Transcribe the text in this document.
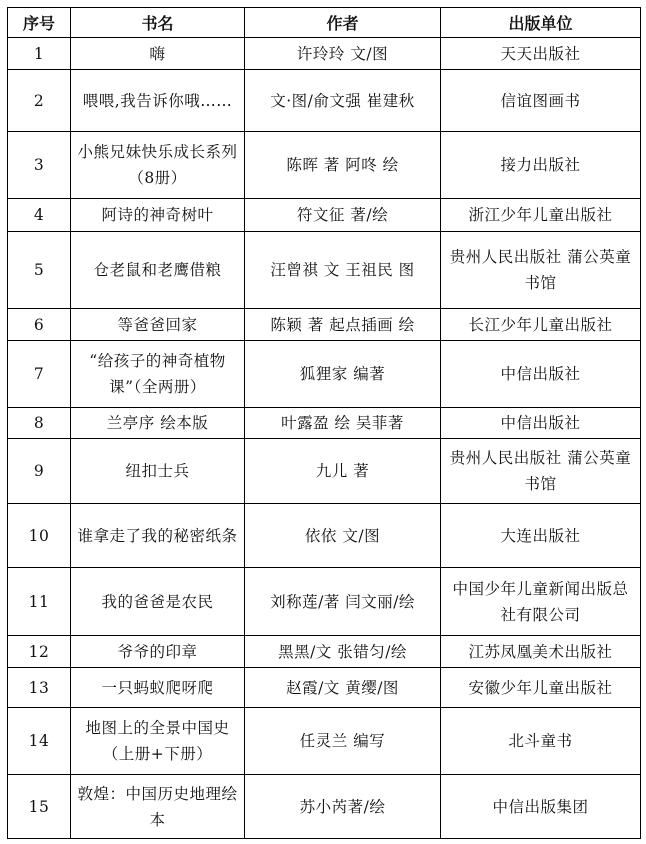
序号	书名	作者	出版单位
1	嗨	许玲玲 文/图	天天出版社
2	喂喂,我告诉你哦……	文·图/俞文强 崔建秋	信谊图画书
3	小熊兄妹快乐成长系列（8册）	陈晖 著 阿咚 绘	接力出版社
4	阿诗的神奇树叶	符文征 著/绘	浙江少年儿童出版社
5	仓老鼠和老鹰借粮	汪曾祺 文 王祖民 图	贵州人民出版社 蒲公英童书馆
6	等爸爸回家	陈颖 著 起点插画 绘	长江少年儿童出版社
7	“给孩子的神奇植物课”（全两册）	狐狸家 编著	中信出版社
8	兰亭序 绘本版	叶露盈 绘 吴菲著	中信出版社
9	纽扣士兵	九儿 著	贵州人民出版社 蒲公英童书馆
10	谁拿走了我的秘密纸条	依依 文/图	大连出版社
11	我的爸爸是农民	刘称莲/著 闫文丽/绘	中国少年儿童新闻出版总社有限公司
12	爷爷的印章	黑黑/文 张错匀/绘	江苏凤凰美术出版社
13	一只蚂蚁爬呀爬	赵霞/文 黄缨/图	安徽少年儿童出版社
14	地图上的全景中国史（上册+下册）	任灵兰 编写	北斗童书
15	敦煌：中国历史地理绘本	苏小芮著/绘	中信出版集团
